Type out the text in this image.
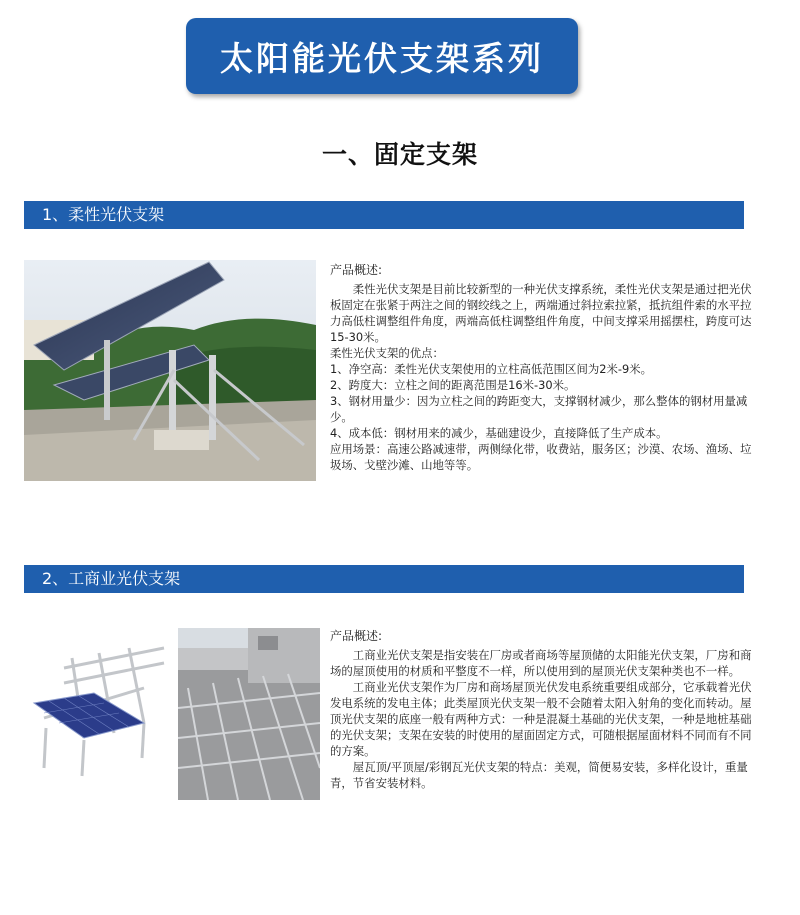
太阳能光伏支架系列
一、固定支架
1、柔性光伏支架

产品概述:

柔性光伏支架是目前比较新型的一种光伏支撑系统，柔性光伏支架是通过把光伏板固定在张紧于两注之间的钢绞线之上，两端通过斜拉索拉紧，抵抗组件索的水平拉力高低柱调整组件角度，两端高低柱调整组件角度，中间支撑采用摇摆柱，跨度可达15-30米。

柔性光伏支架的优点：

1、净空高：柔性光伏支架使用的立柱高低范围区间为2米-9米。

2、跨度大：立柱之间的距离范围是16米-30米。

3、钢材用量少：因为立柱之间的跨距变大，支撑钢材减少，那么整体的钢材用量减少。

4、成本低：钢材用来的减少，基础建设少，直接降低了生产成本。

应用场景：高速公路减速带，两侧绿化带，收费站，服务区；沙漠、农场、渔场、垃圾场、戈壁沙滩、山地等等。

2、工商业光伏支架

产品概述:

工商业光伏支架是指安装在厂房或者商场等屋顶储的太阳能光伏支架，厂房和商场的屋顶使用的材质和平整度不一样，所以使用到的屋顶光伏支架种类也不一样。

工商业光伏支架作为厂房和商场屋顶光伏发电系统重要组成部分，它承载着光伏发电系统的发电主体；此类屋顶光伏支架一般不会随着太阳入射角的变化而转动。屋顶光伏支架的底座一般有两种方式：一种是混凝土基础的光伏支架，一种是地桩基础的光伏支架；支架在安装的时使用的屋面固定方式，可随根据屋面材料不同而有不同的方案。

屋瓦顶/平顶屋/彩钢瓦光伏支架的特点：美观，简便易安装，多样化设计，重量青，节省安装材料。
